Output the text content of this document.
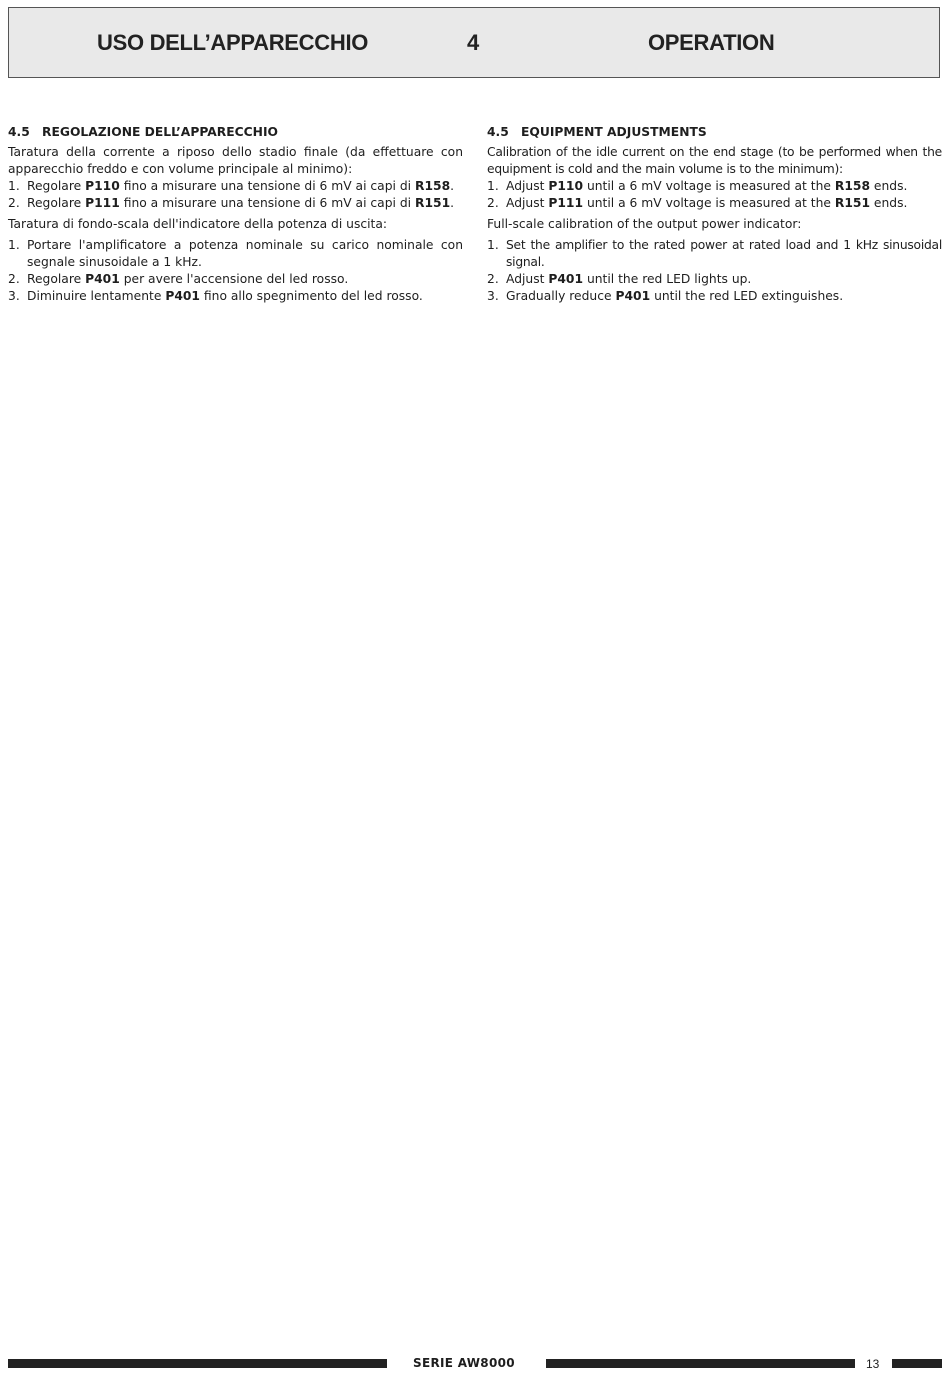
USO DELL’APPARECCHIO	4	OPERATION
4.5 REGOLAZIONE DELL’APPARECCHIO

Taratura della corrente a riposo dello stadio finale (da effettuare con apparecchio freddo e con volume principale al minimo):

1. Regolare P110 fino a misurare una tensione di 6 mV ai capi di R158.
2. Regolare P111 fino a misurare una tensione di 6 mV ai capi di R151.

Taratura di fondo-scala dell'indicatore della potenza di uscita:

1. Portare l'amplificatore a potenza nominale su carico nominale con segnale sinusoidale a 1 kHz.
2. Regolare P401 per avere l'accensione del led rosso.
3. Diminuire lentamente P401 fino allo spegnimento del led rosso.
4.5 EQUIPMENT ADJUSTMENTS

Calibration of the idle current on the end stage (to be performed when the equipment is cold and the main volume is to the minimum):

1. Adjust P110 until a 6 mV voltage is measured at the R158 ends.
2. Adjust P111 until a 6 mV voltage is measured at the R151 ends.

Full-scale calibration of the output power indicator:

1. Set the amplifier to the rated power at rated load and 1 kHz sinusoidal signal.
2. Adjust P401 until the red LED lights up.
3. Gradually reduce P401 until the red LED extinguishes.
SERIE AW8000	13
